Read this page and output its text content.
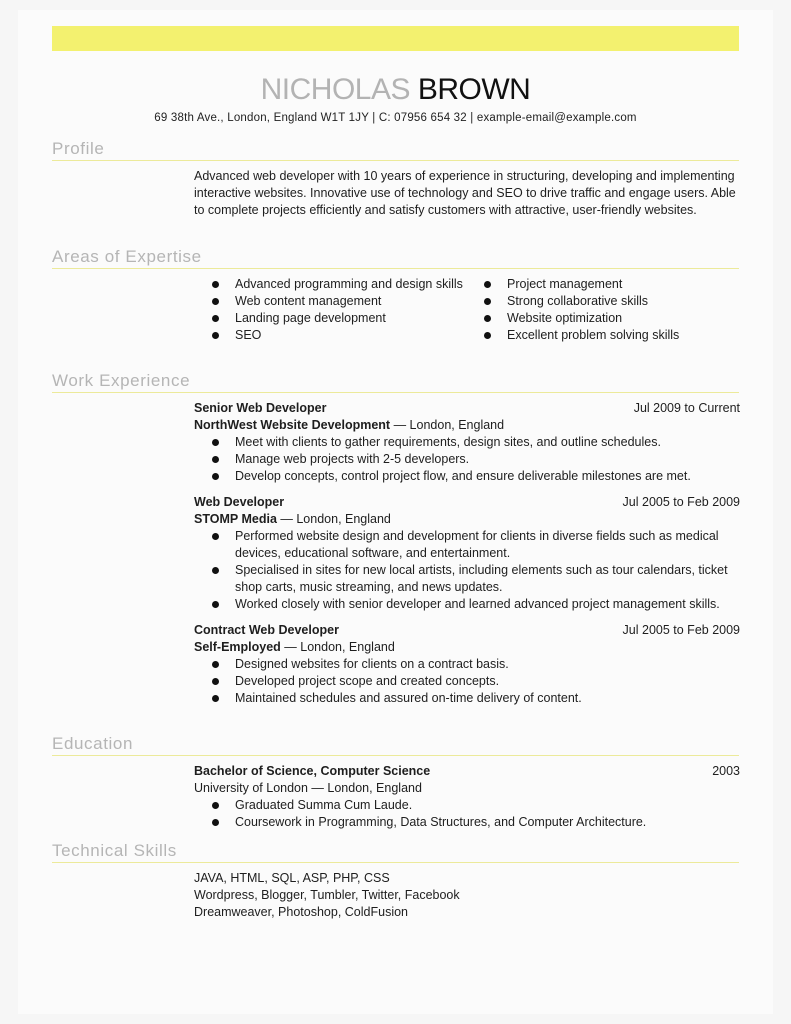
NICHOLAS BROWN
69 38th Ave., London, England W1T 1JY | C: 07956 654 32 | example-email@example.com
Profile

Advanced web developer with 10 years of experience in structuring, developing and implementing interactive websites. Innovative use of technology and SEO to drive traffic and engage users. Able to complete projects efficiently and satisfy customers with attractive, user-friendly websites.

Areas of Expertise
Advanced programming and design skills
Web content management
Landing page development
SEO
Project management
Strong collaborative skills
Website optimization
Excellent problem solving skills
Work Experience
Senior Web Developer	Jul 2009 to Current
NorthWest Website Development — London, England
Meet with clients to gather requirements, design sites, and outline schedules.
Manage web projects with 2-5 developers.
Develop concepts, control project flow, and ensure deliverable milestones are met.
Web Developer	Jul 2005 to Feb 2009
STOMP Media — London, England
Performed website design and development for clients in diverse fields such as medical devices, educational software, and entertainment.
Specialised in sites for new local artists, including elements such as tour calendars, ticket shop carts, music streaming, and news updates.
Worked closely with senior developer and learned advanced project management skills.
Contract Web Developer	Jul 2005 to Feb 2009
Self-Employed — London, England
Designed websites for clients on a contract basis.
Developed project scope and created concepts.
Maintained schedules and assured on-time delivery of content.
Education
Bachelor of Science, Computer Science	2003
University of London — London, England
Graduated Summa Cum Laude.
Coursework in Programming, Data Structures, and Computer Architecture.
Technical Skills
JAVA, HTML, SQL, ASP, PHP, CSS
Wordpress, Blogger, Tumbler, Twitter, Facebook
Dreamweaver, Photoshop, ColdFusion
